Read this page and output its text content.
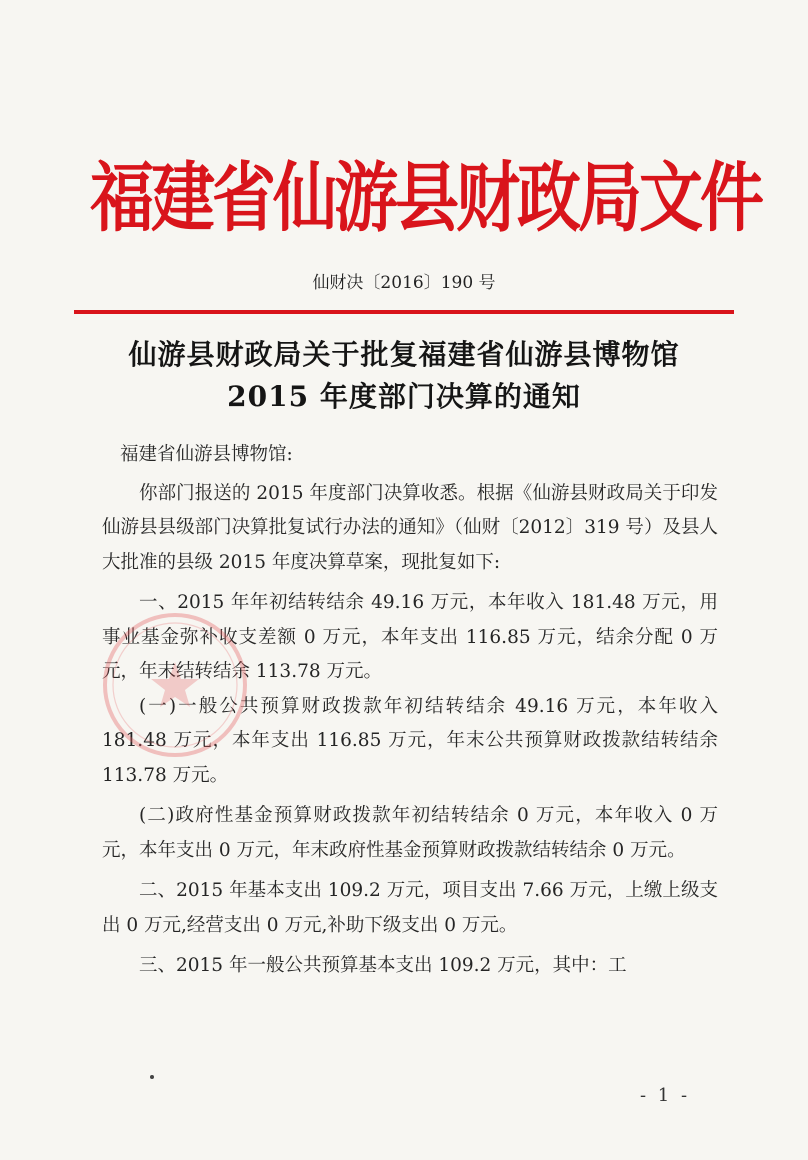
福建省仙游县财政局文件
仙财决〔2016〕190 号
仙游县财政局关于批复福建省仙游县博物馆
2015 年度部门决算的通知

福建省仙游县博物馆:

你部门报送的 2015 年度部门决算收悉。根据《仙游县财政局关于印发仙游县县级部门决算批复试行办法的通知》（仙财〔2012〕319 号）及县人大批准的县级 2015 年度决算草案，现批复如下:

一、2015 年年初结转结余 49.16 万元，本年收入 181.48 万元，用事业基金弥补收支差额 0 万元，本年支出 116.85 万元，结余分配 0 万元，年末结转结余 113.78 万元。

(一)一般公共预算财政拨款年初结转结余 49.16 万元，本年收入 181.48 万元，本年支出 116.85 万元，年末公共预算财政拨款结转结余 113.78 万元。

(二)政府性基金预算财政拨款年初结转结余 0 万元，本年收入 0 万元，本年支出 0 万元，年末政府性基金预算财政拨款结转结余 0 万元。

二、2015 年基本支出 109.2 万元，项目支出 7.66 万元，上缴上级支出 0 万元,经营支出 0 万元,补助下级支出 0 万元。

三、2015 年一般公共预算基本支出 109.2 万元，其中：工

- 1 -
